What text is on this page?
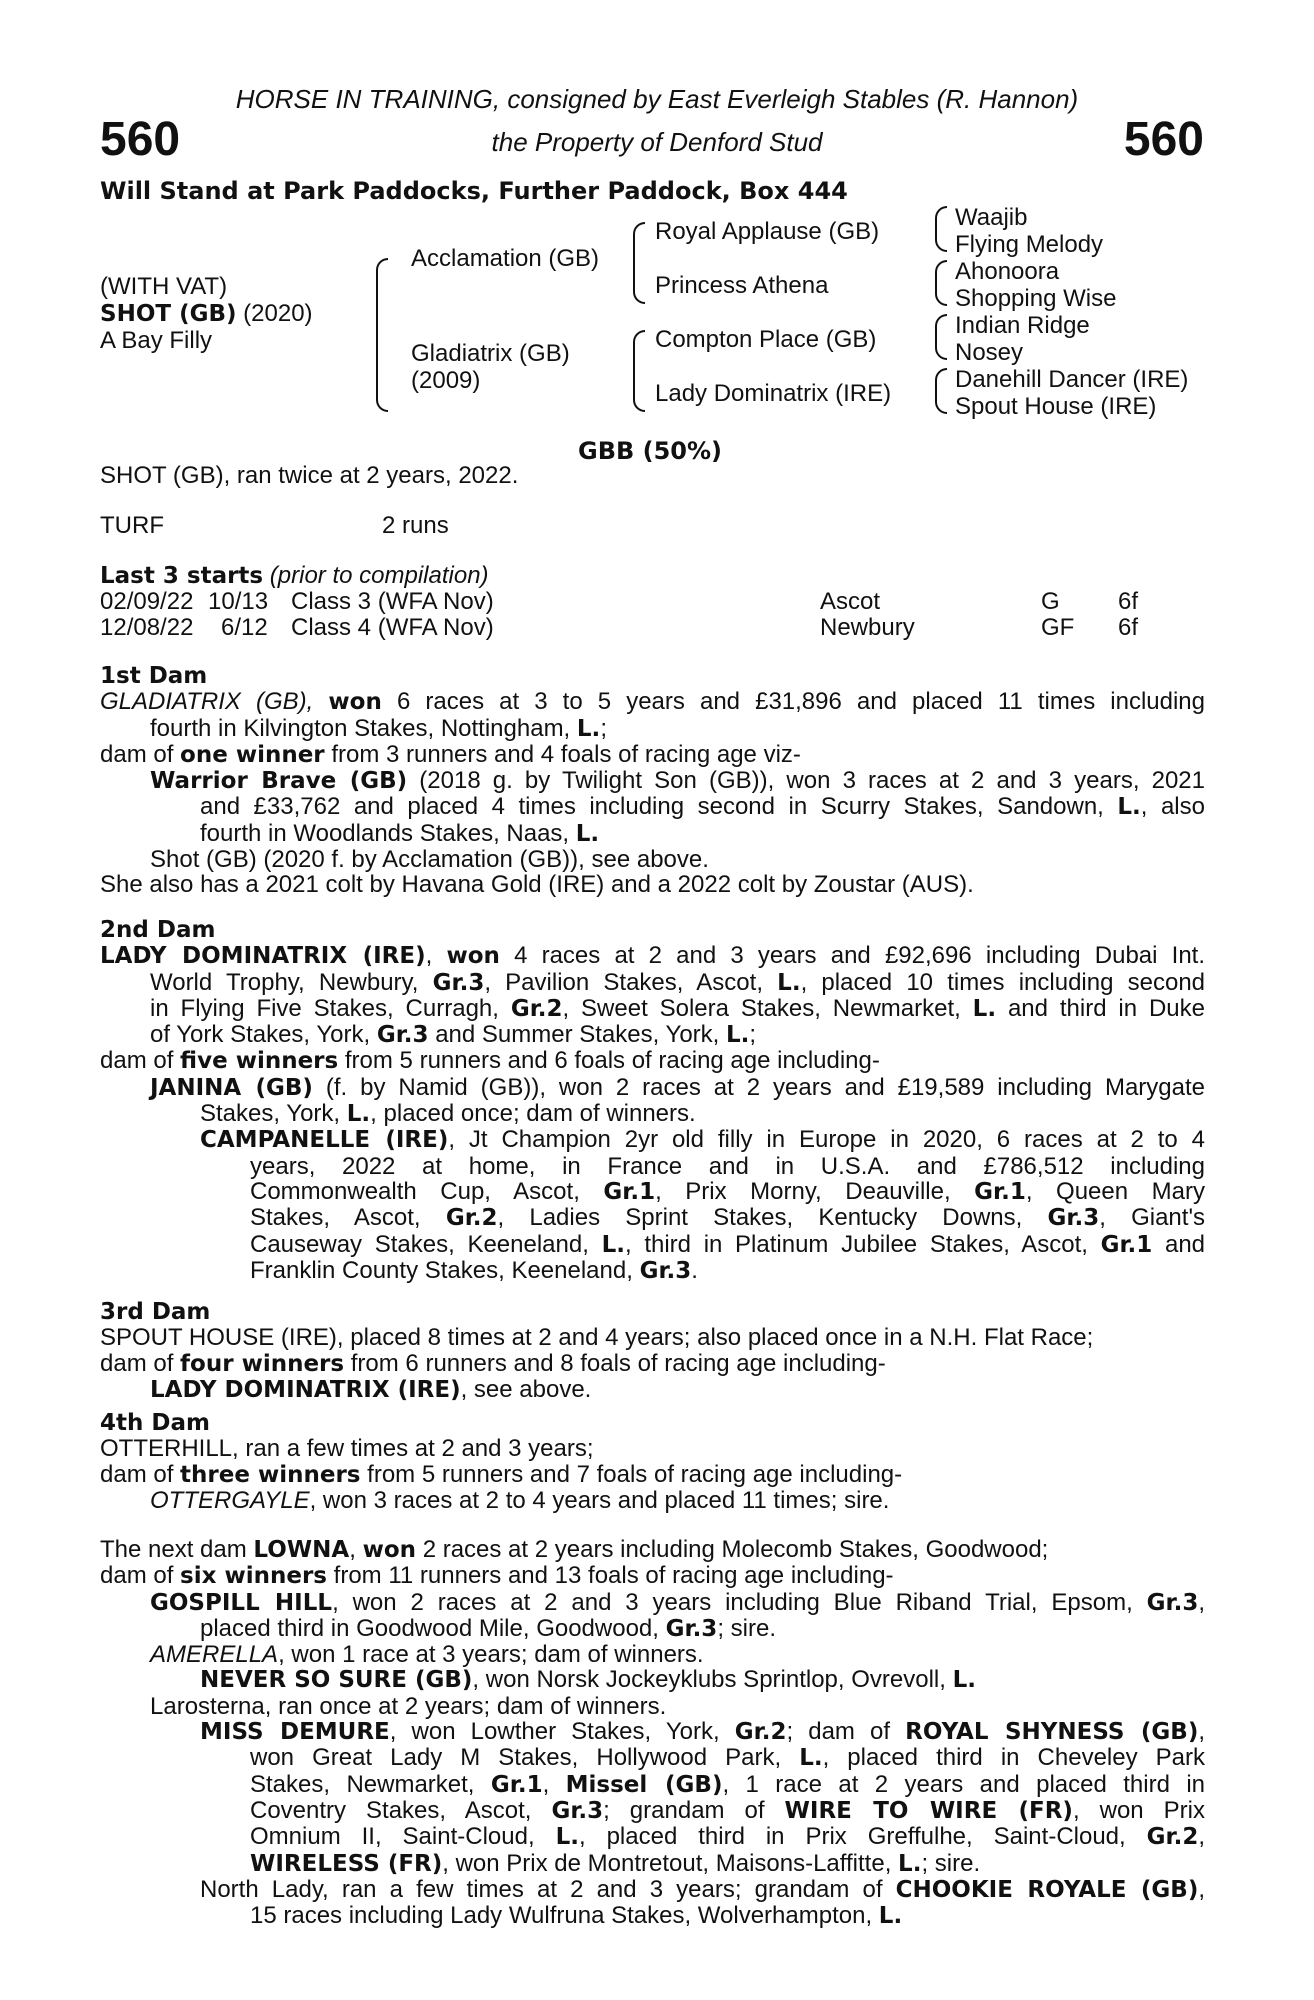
HORSE IN TRAINING, consigned by East Everleigh Stables (R. Hannon)
560	the Property of Denford Stud	560
Will Stand at Park Paddocks, Further Paddock, Box 444
(WITH VAT)
SHOT (GB) (2020)
A Bay Filly
Acclamation (GB)
Gladiatrix (GB)
(2009)
Royal Applause (GB)
Princess Athena
Compton Place (GB)
Lady Dominatrix (IRE)
Waajib
Flying Melody
Ahonoora
Shopping Wise
Indian Ridge
Nosey
Danehill Dancer (IRE)
Spout House (IRE)
GBB (50%)
SHOT (GB), ran twice at 2 years, 2022.
TURF	2 runs
Last 3 starts (prior to compilation)
02/09/22 10/13 Class 3 (WFA Nov)	Ascot	G 6f
12/08/22 6/12 Class 4 (WFA Nov)	Newbury	GF 6f
1st Dam
GLADIATRIX (GB), won 6 races at 3 to 5 years and £31,896 and placed 11 times including
fourth in Kilvington Stakes, Nottingham, L.;
dam of one winner from 3 runners and 4 foals of racing age viz-
Warrior Brave (GB) (2018 g. by Twilight Son (GB)), won 3 races at 2 and 3 years, 2021
and £33,762 and placed 4 times including second in Scurry Stakes, Sandown, L., also
fourth in Woodlands Stakes, Naas, L.
Shot (GB) (2020 f. by Acclamation (GB)), see above.
She also has a 2021 colt by Havana Gold (IRE) and a 2022 colt by Zoustar (AUS).
2nd Dam
LADY DOMINATRIX (IRE), won 4 races at 2 and 3 years and £92,696 including Dubai Int.
World Trophy, Newbury, Gr.3, Pavilion Stakes, Ascot, L., placed 10 times including second
in Flying Five Stakes, Curragh, Gr.2, Sweet Solera Stakes, Newmarket, L. and third in Duke
of York Stakes, York, Gr.3 and Summer Stakes, York, L.;
dam of five winners from 5 runners and 6 foals of racing age including-
JANINA (GB) (f. by Namid (GB)), won 2 races at 2 years and £19,589 including Marygate
Stakes, York, L., placed once; dam of winners.
CAMPANELLE (IRE), Jt Champion 2yr old filly in Europe in 2020, 6 races at 2 to 4
years, 2022 at home, in France and in U.S.A. and £786,512 including
Commonwealth Cup, Ascot, Gr.1, Prix Morny, Deauville, Gr.1, Queen Mary
Stakes, Ascot, Gr.2, Ladies Sprint Stakes, Kentucky Downs, Gr.3, Giant's
Causeway Stakes, Keeneland, L., third in Platinum Jubilee Stakes, Ascot, Gr.1 and
Franklin County Stakes, Keeneland, Gr.3.
3rd Dam
SPOUT HOUSE (IRE), placed 8 times at 2 and 4 years; also placed once in a N.H. Flat Race;
dam of four winners from 6 runners and 8 foals of racing age including-
LADY DOMINATRIX (IRE), see above.
4th Dam
OTTERHILL, ran a few times at 2 and 3 years;
dam of three winners from 5 runners and 7 foals of racing age including-
OTTERGAYLE, won 3 races at 2 to 4 years and placed 11 times; sire.
The next dam LOWNA, won 2 races at 2 years including Molecomb Stakes, Goodwood;
dam of six winners from 11 runners and 13 foals of racing age including-
GOSPILL HILL, won 2 races at 2 and 3 years including Blue Riband Trial, Epsom, Gr.3,
placed third in Goodwood Mile, Goodwood, Gr.3; sire.
AMERELLA, won 1 race at 3 years; dam of winners.
NEVER SO SURE (GB), won Norsk Jockeyklubs Sprintlop, Ovrevoll, L.
Larosterna, ran once at 2 years; dam of winners.
MISS DEMURE, won Lowther Stakes, York, Gr.2; dam of ROYAL SHYNESS (GB),
won Great Lady M Stakes, Hollywood Park, L., placed third in Cheveley Park
Stakes, Newmarket, Gr.1, Missel (GB), 1 race at 2 years and placed third in
Coventry Stakes, Ascot, Gr.3; grandam of WIRE TO WIRE (FR), won Prix
Omnium II, Saint-Cloud, L., placed third in Prix Greffulhe, Saint-Cloud, Gr.2,
WIRELESS (FR), won Prix de Montretout, Maisons-Laffitte, L.; sire.
North Lady, ran a few times at 2 and 3 years; grandam of CHOOKIE ROYALE (GB),
15 races including Lady Wulfruna Stakes, Wolverhampton, L.
